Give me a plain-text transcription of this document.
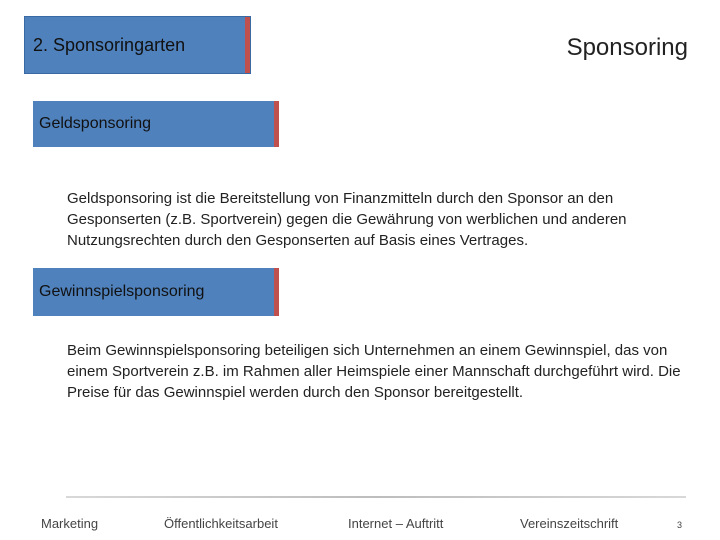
2. Sponsoringarten	Sponsoring
Geldsponsoring

Geldsponsoring ist die Bereitstellung von Finanzmitteln durch den Sponsor an den Gesponserten (z.B. Sportverein) gegen die Gewährung von werblichen und anderen Nutzungsrechten durch den Gesponserten auf Basis eines Vertrages.

Gewinnspielsponsoring

Beim Gewinnspielsponsoring beteiligen sich Unternehmen an einem Gewinnspiel, das von einem Sportverein z.B. im Rahmen aller Heimspiele einer Mannschaft durchgeführt wird. Die Preise für das Gewinnspiel werden durch den Sponsor bereitgestellt.

Marketing	Öffentlichkeitsarbeit	Internet – Auftritt	Vereinszeitschrift	3
